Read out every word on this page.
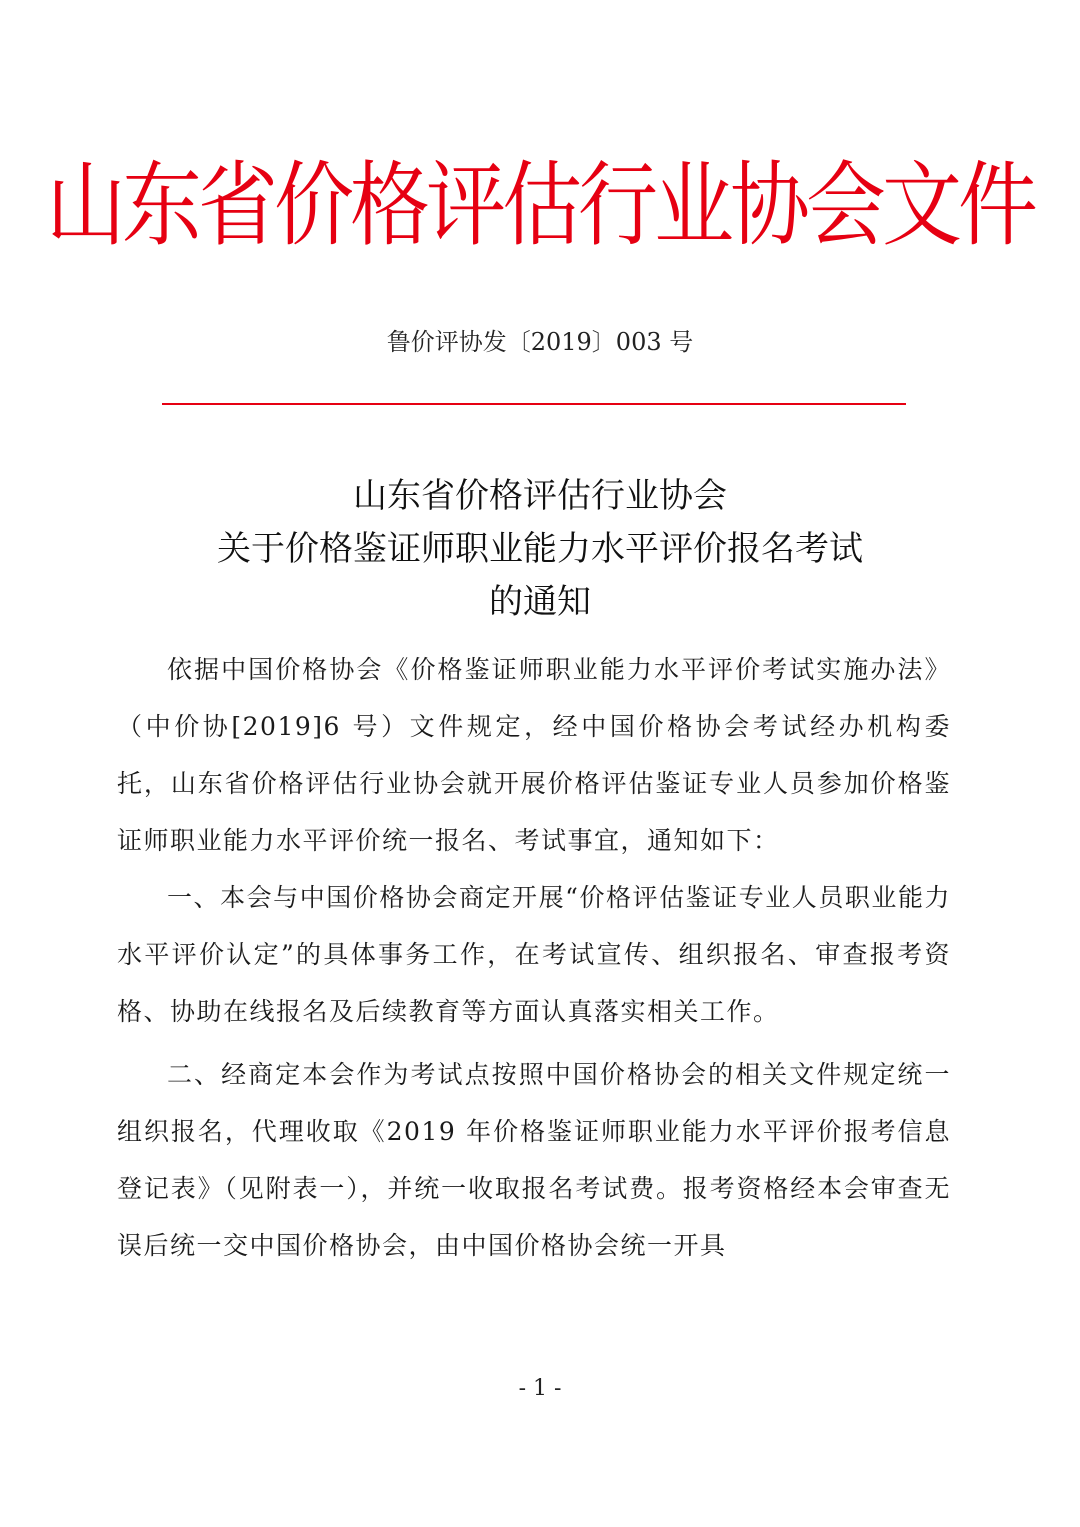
山东省价格评估行业协会文件
鲁价评协发〔2019〕003 号
山东省价格评估行业协会
关于价格鉴证师职业能力水平评价报名考试
的通知

依据中国价格协会《价格鉴证师职业能力水平评价考试实施办法》（中价协[2019]6 号）文件规定，经中国价格协会考试经办机构委托，山东省价格评估行业协会就开展价格评估鉴证专业人员参加价格鉴证师职业能力水平评价统一报名、考试事宜，通知如下：

一、本会与中国价格协会商定开展“价格评估鉴证专业人员职业能力水平评价认定”的具体事务工作，在考试宣传、组织报名、审查报考资格、协助在线报名及后续教育等方面认真落实相关工作。

二、经商定本会作为考试点按照中国价格协会的相关文件规定统一组织报名，代理收取《2019 年价格鉴证师职业能力水平评价报考信息登记表》（见附表一），并统一收取报名考试费。报考资格经本会审查无误后统一交中国价格协会，由中国价格协会统一开具

- 1 -
